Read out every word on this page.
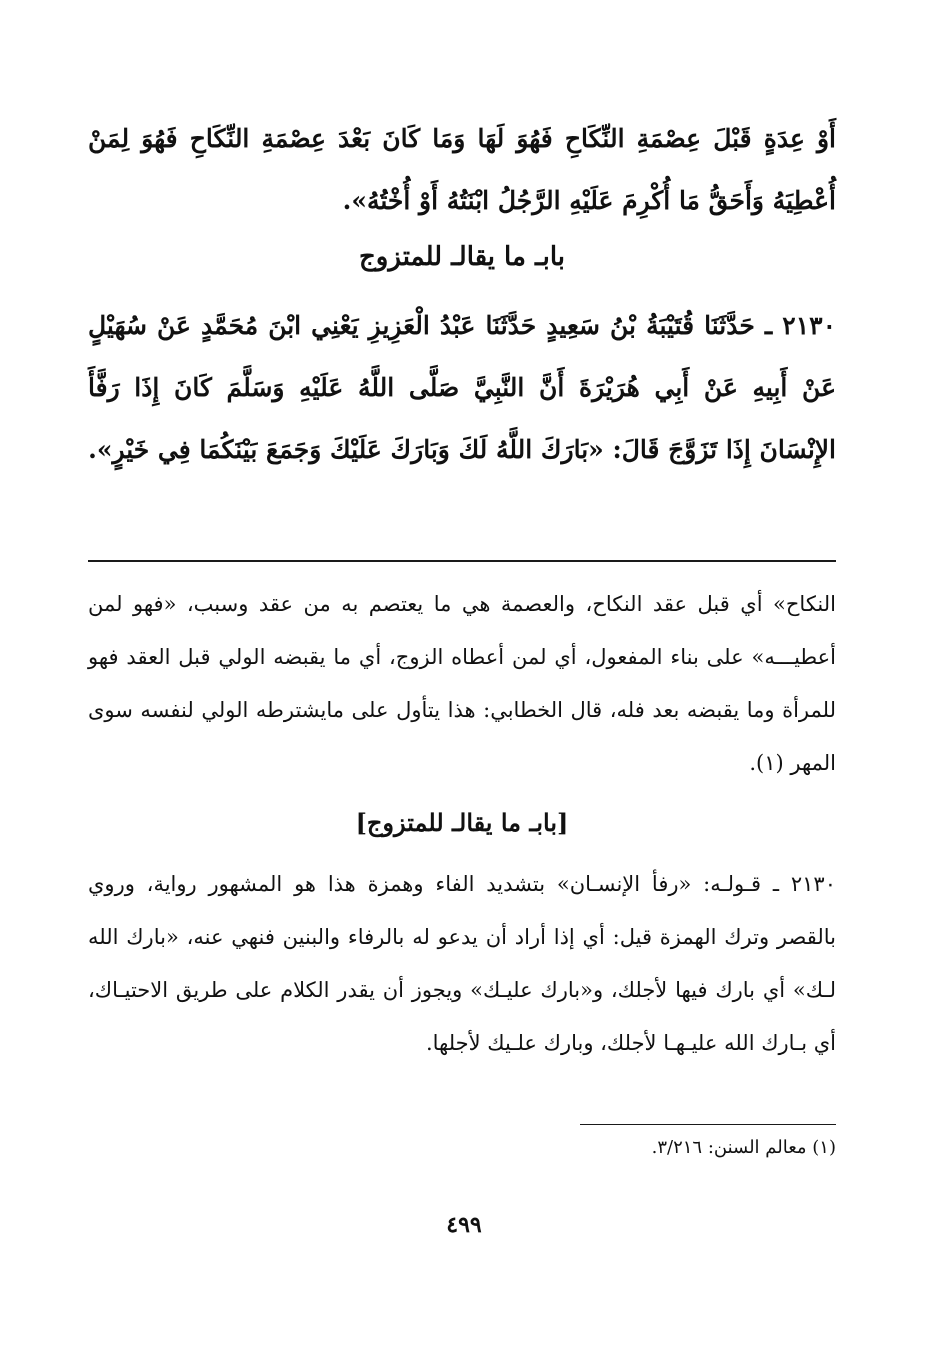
أَوْ عِدَةٍ قَبْلَ عِصْمَةِ النِّكَاحِ فَهُوَ لَهَا وَمَا كَانَ بَعْدَ عِصْمَةِ النِّكَاحِ فَهُوَ لِمَنْ أُعْطِيَهُ وَأَحَقُّ مَا أُكْرِمَ عَلَيْهِ الرَّجُلُ ابْنَتُهُ أَوْ أُخْتُهُ».
بابـ ما يقالـ للمتزوج
٢١٣٠ ـ حَدَّثَنَا قُتَيْبَةُ بْنُ سَعِيدٍ حَدَّثَنَا عَبْدُ الْعَزِيزِ يَعْنِي ابْنَ مُحَمَّدٍ عَنْ سُهَيْلٍ عَنْ أَبِيهِ عَنْ أَبِي هُرَيْرَةَ أَنَّ النَّبِيَّ صَلَّى اللَّهُ عَلَيْهِ وَسَلَّمَ كَانَ إِذَا رَفَّأَ الإِنْسَانَ إِذَا تَزَوَّجَ قَالَ: «بَارَكَ اللَّهُ لَكَ وَبَارَكَ عَلَيْكَ وَجَمَعَ بَيْنَكُمَا فِي خَيْرٍ».
النكاح» أي قبل عقد النكاح، والعصمة هي ما يعتصم به من عقد وسبب، «فهو لمن أعطيـــه» على بناء المفعول، أي لمن أعطاه الزوج، أي ما يقبضه الولي قبل العقد فهو للمرأة وما يقبضه بعد فله، قال الخطابي: هذا يتأول على مايشترطه الولي لنفسه سوى المهر (١).
[بابـ ما يقالـ للمتزوج]
٢١٣٠ ـ قـولـه: «رفأ الإنسـان» بتشديد الفاء وهمزة هذا هو المشهور رواية، وروي بالقصر وترك الهمزة قيل: أي إذا أراد أن يدعو له بالرفاء والبنين فنهي عنه، «بارك الله لـك» أي بارك فيها لأجلك، و«بارك عليـك» ويجوز أن يقدر الكلام على طريق الاحتيـاك، أي بـارك الله عليـهـا لأجلك، وبارك علـيك لأجلها.
(١) معالم السنن: ٣/٢١٦.
٤٩٩
